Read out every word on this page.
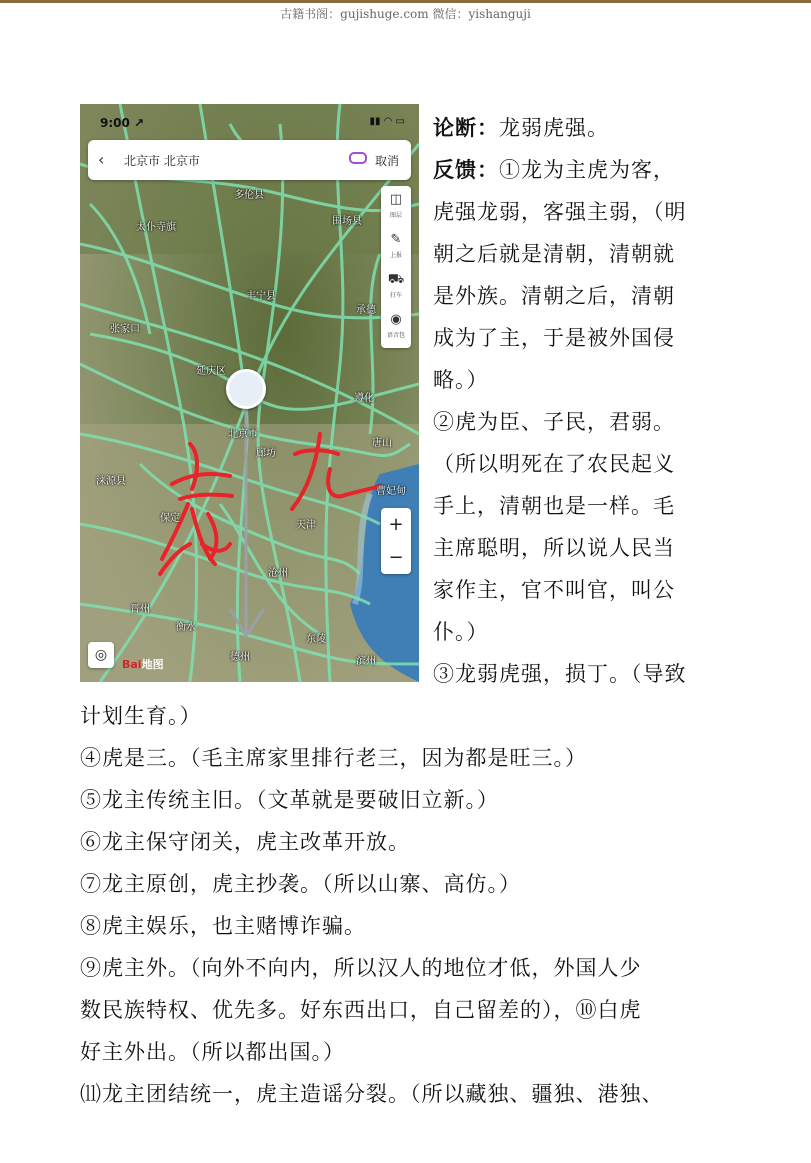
古籍书阁：gujishuge.com 微信：yishanguji
9:00 ↗	▮▮ ◠ ▭
‹ 北京市 北京市	取消
◫
图层
✎
上报
⛟
打车
◉
语音包
+
−
◎
Bai地图
多伦县
太仆寺旗
围场县
丰宁县
承德
张家口
延庆区
遵化
北京市
廊坊
唐山
涞源县
曹妃甸
保定
天津
沧州
晋州
衡水
东陵
德州	滨州
论断：龙弱虎强。
反馈：①龙为主虎为客，
虎强龙弱，客强主弱，（明
朝之后就是清朝，清朝就
是外族。清朝之后，清朝
成为了主，于是被外国侵
略。）
②虎为臣、子民，君弱。
（所以明死在了农民起义
手上，清朝也是一样。毛
主席聪明，所以说人民当
家作主，官不叫官，叫公
仆。）
③龙弱虎强，损丁。（导致
计划生育。）
④虎是三。（毛主席家里排行老三，因为都是旺三。）
⑤龙主传统主旧。（文革就是要破旧立新。）
⑥龙主保守闭关，虎主改革开放。
⑦龙主原创，虎主抄袭。（所以山寨、高仿。）
⑧虎主娱乐，也主赌博诈骗。
⑨虎主外。（向外不向内，所以汉人的地位才低，外国人少
数民族特权、优先多。好东西出口，自己留差的），⑩白虎
好主外出。（所以都出国。）
⑾龙主团结统一，虎主造谣分裂。（所以藏独、疆独、港独、
